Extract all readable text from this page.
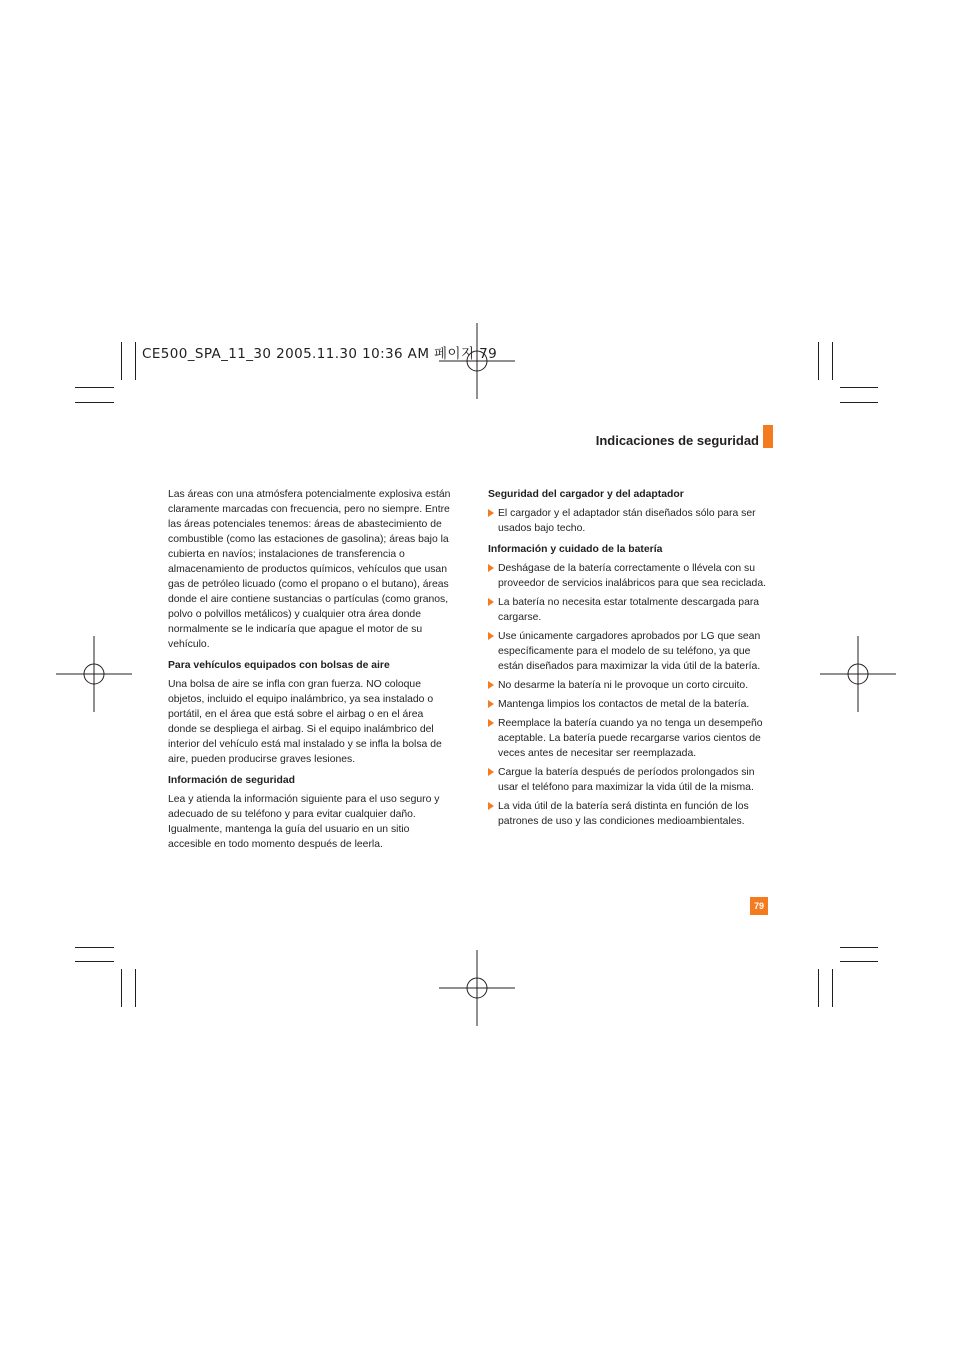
CE500_SPA_11_30 2005.11.30 10:36 AM 페이지 79
Indicaciones de seguridad

Las áreas con una atmósfera potencialmente explosiva están claramente marcadas con frecuencia, pero no siempre. Entre las áreas potenciales tenemos: áreas de abastecimiento de combustible (como las estaciones de gasolina); áreas bajo la cubierta en navíos; instalaciones de transferencia o almacenamiento de productos químicos, vehículos que usan gas de petróleo licuado (como el propano o el butano), áreas donde el aire contiene sustancias o partículas (como granos, polvo o polvillos metálicos) y cualquier otra área donde normalmente se le indicaría que apague el motor de su vehículo.

Para vehículos equipados con bolsas de aire

Una bolsa de aire se infla con gran fuerza. NO coloque objetos, incluido el equipo inalámbrico, ya sea instalado o portátil, en el área que está sobre el airbag o en el área donde se despliega el airbag. Si el equipo inalámbrico del interior del vehículo está mal instalado y se infla la bolsa de aire, pueden producirse graves lesiones.

Información de seguridad

Lea y atienda la información siguiente para el uso seguro y adecuado de su teléfono y para evitar cualquier daño. Igualmente, mantenga la guía del usuario en un sitio accesible en todo momento después de leerla.

Seguridad del cargador y del adaptador
El cargador y el adaptador stán diseñados sólo para ser usados bajo techo.
Información y cuidado de la batería
Deshágase de la batería correctamente o llévela con su proveedor de servicios inalábricos para que sea reciclada.
La batería no necesita estar totalmente descargada para cargarse.
Use únicamente cargadores aprobados por LG que sean específicamente para el modelo de su teléfono, ya que están diseñados para maximizar la vida útil de la batería.
No desarme la batería ni le provoque un corto circuito.
Mantenga limpios los contactos de metal de la batería.
Reemplace la batería cuando ya no tenga un desempeño aceptable. La batería puede recargarse varios cientos de veces antes de necesitar ser reemplazada.
Cargue la batería después de períodos prolongados sin usar el teléfono para maximizar la vida útil de la misma.
La vida útil de la batería será distinta en función de los patrones de uso y las condiciones medioambientales.
79
